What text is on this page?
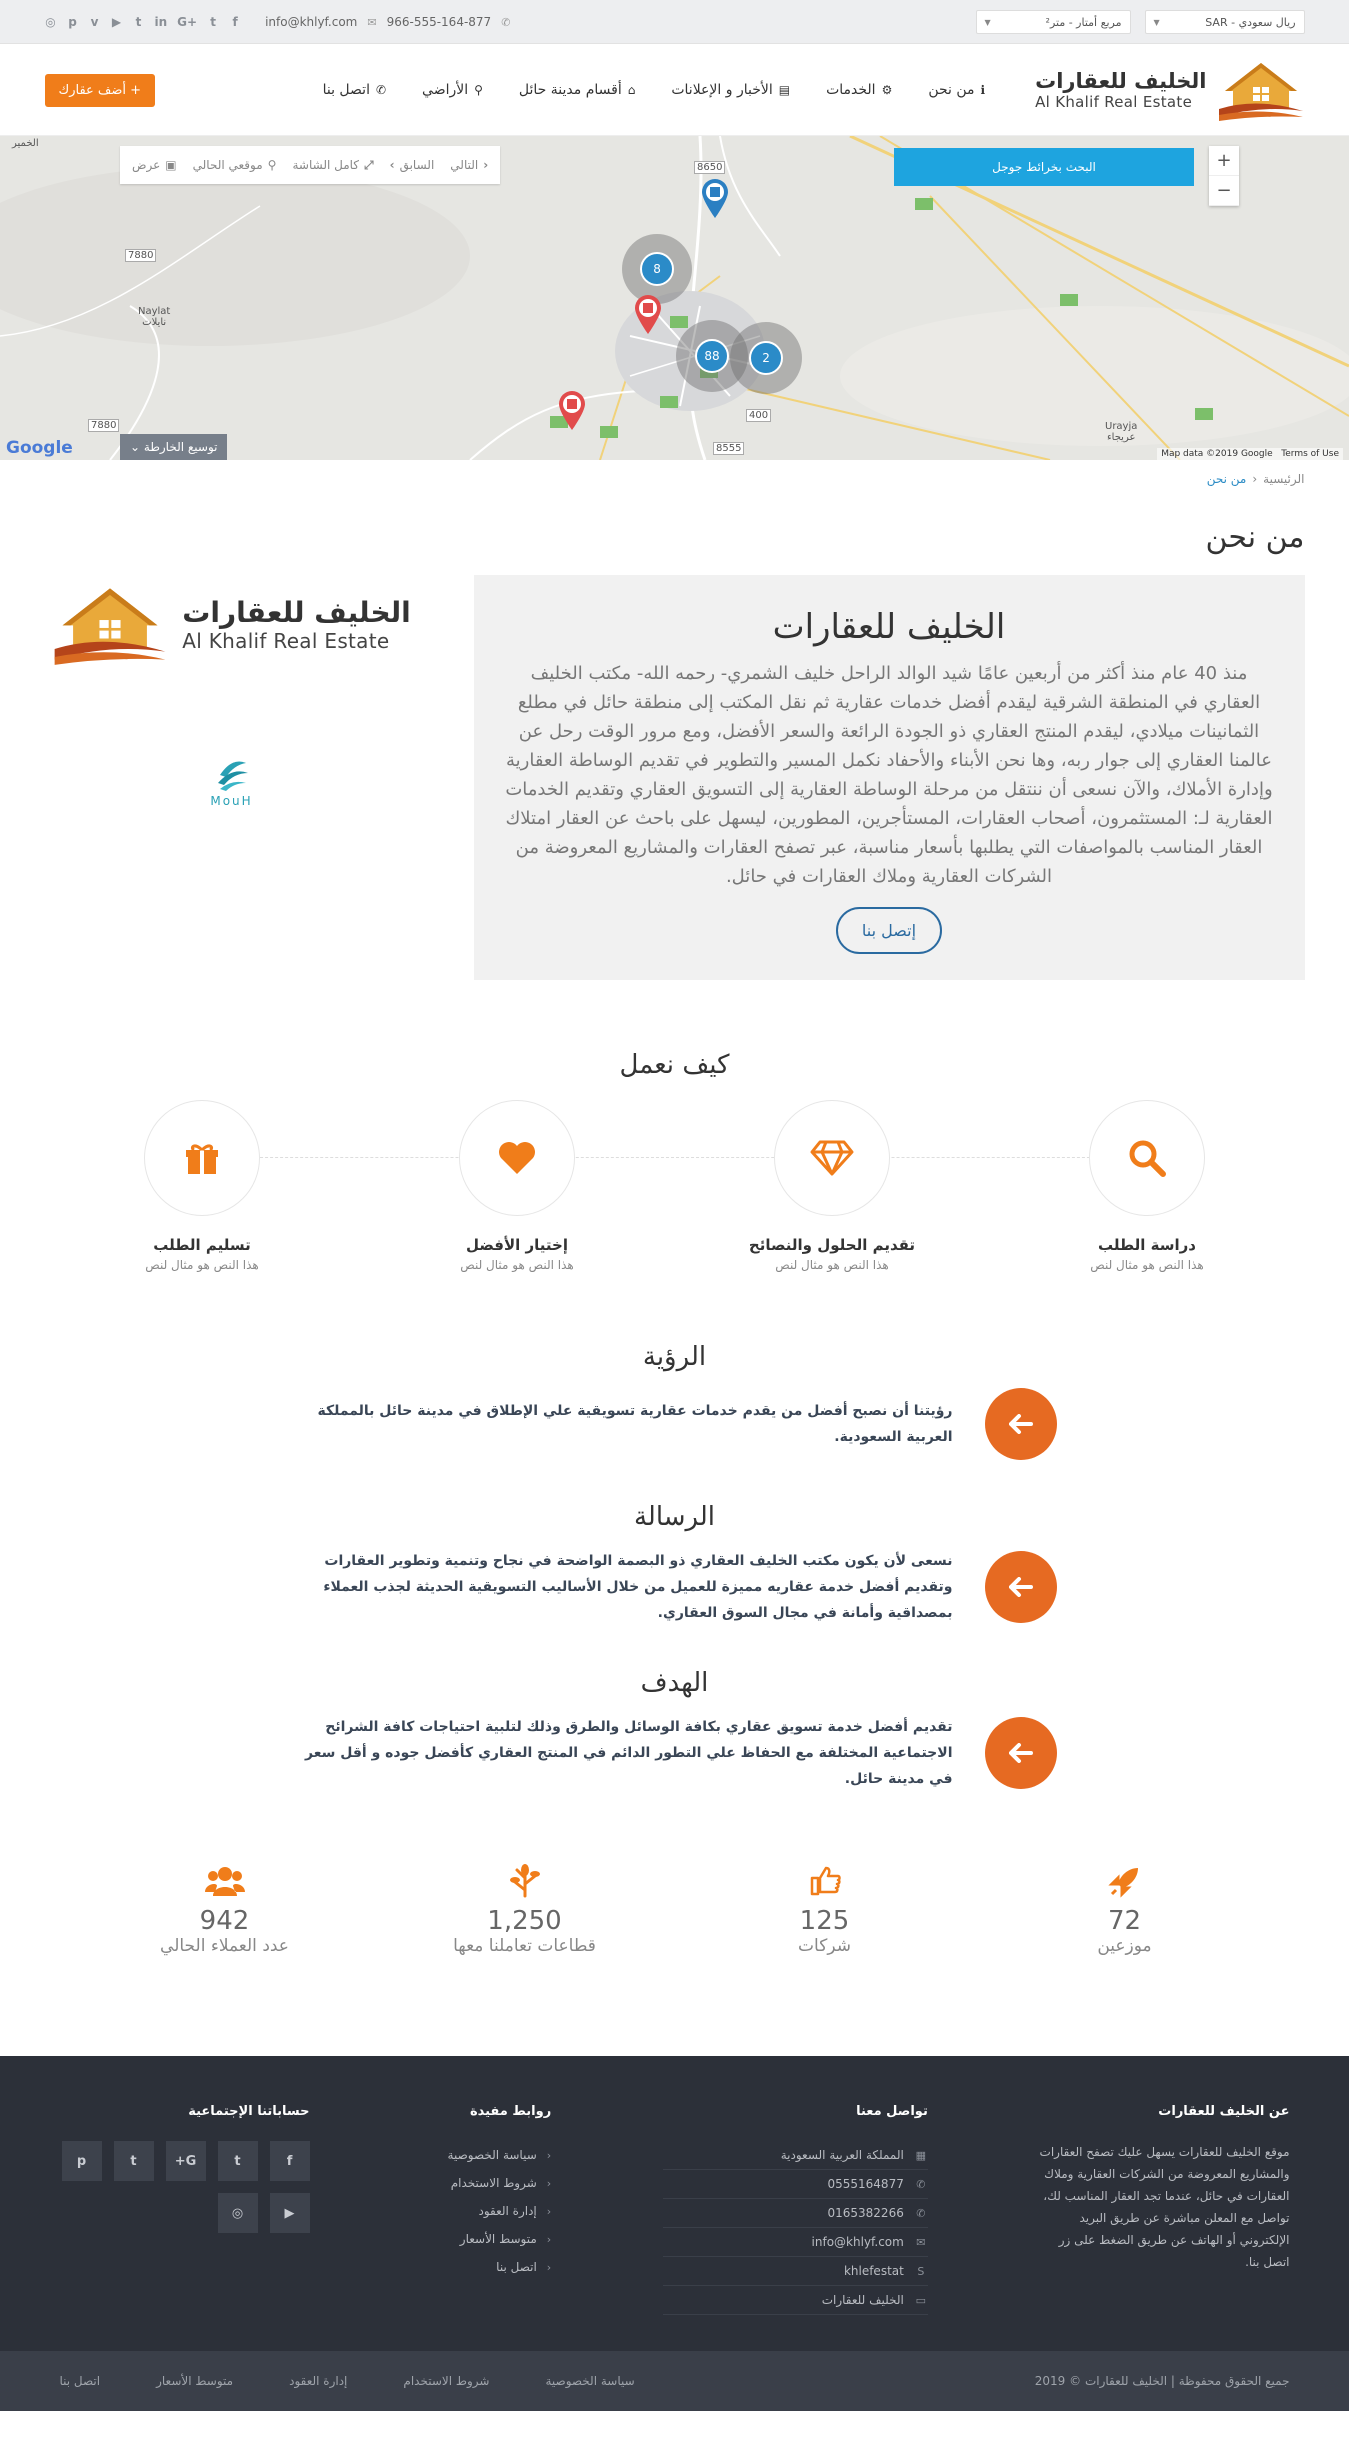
ريال سعودي - SAR
▼
مربع أمتار - متر²
▼
✉
info@khlyf.com	✆
966-555-164-877
◎ p v ▶ t in G+ t f
الخليف للعقارات
Al Khalif Real Estate
ℹ
من نحن
⚙
الخدمات
▤
الأخبار و الإعلانات
⌂
أقسام مدينة حائل
⚲
الأراضي
✆
اتصل بنا
+ أضف عقارك
الخمير
Naylat
نايلات
Urayja
عريجاء
8650
7880
7880
400
8555
8
88	2
+
−
البحث بخرائط جوجل
‹
التالي
السابق
›
⤢
كامل الشاشة
⚲
موقعي الحالي
▣
عرض
توسيع الخارطة ⌄
Google	Map data ©2019 Google Terms of Use
الرئيسية
‹
من نحن
من نحن
الخليف للعقارات

منذ 40 عام منذ أكثر من أربعين عامًا شيد الوالد الراحل خليف الشمري- رحمه الله- مكتب الخليف العقاري في المنطقة الشرقية ليقدم أفضل خدمات عقارية ثم نقل المكتب إلى منطقة حائل في مطلع الثمانينات ميلادي، ليقدم المنتج العقاري ذو الجودة الرائعة والسعر الأفضل، ومع مرور الوقت رحل عن عالمنا العقاري إلى جوار ربه، وها نحن الأبناء والأحفاد نكمل المسير والتطوير في تقديم الوساطة العقارية وإدارة الأملاك، والآن نسعى أن ننتقل من مرحلة الوساطة العقارية إلى التسويق العقاري وتقديم الخدمات العقارية لـ: المستثمرون، أصحاب العقارات، المستأجرين، المطورين، ليسهل على باحث عن العقار امتلاك العقار المناسب بالمواصفات التي يطلبها بأسعار مناسبة، عبر تصفح العقارات والمشاريع المعروضة من الشركات العقارية وملاك العقارات في حائل.

إتصل بنا
الخليف للعقارات
Al Khalif Real Estate
MouH
كيف نعمل
دراسة الطلب

هذا النص هو مثال لنص

تقديم الحلول والنصائح

هذا النص هو مثال لنص

إختيار الأفضل

هذا النص هو مثال لنص

تسليم الطلب

هذا النص هو مثال لنص

الرؤية
رؤيتنا أن نصبح أفضل من يقدم خدمات عقارية تسويقية علي الإطلاق في مدينة حائل بالمملكة العربية السعودية.
الرسالة
نسعى لأن يكون مكتب الخليف العقاري ذو البصمة الواضحة في نجاح وتنمية وتطوير العقارات وتقديم أفضل خدمة عقاريه مميزة للعميل من خلال الأساليب التسويقية الحديثة لجذب العملاء بمصداقية وأمانة في مجال السوق العقاري.
الهدف
تقديم أفضل خدمة تسويق عقاري بكافة الوسائل والطرق وذلك لتلبية احتياجات كافة الشرائح الاجتماعية المختلفة مع الحفاظ علي التطور الدائم في المنتج العقاري كأفضل جوده و أقل سعر في مدينة حائل.
72
موزعين
125
شركات
1,250
قطاعات تعاملنا معها
942
عدد العملاء الحالي
عن الخليف للعقارات

موقع الخليف للعقارات يسهل عليك تصفح العقارات والمشاريع المعروضة من الشركات العقارية وملاك العقارات في حائل، عندما تجد العقار المناسب لك، تواصل مع المعلن مباشرة عن طريق البريد الإلكتروني أو الهاتف عن طريق الضغط على زر اتصل بنا.

تواصل معنا
▦
المملكة العربية السعودية
✆
0555164877
✆
0165382266
✉
info@khlyf.com
S
khlefestat
▭
الخليف للعقارات
روابط مفيدة
‹
سياسة الخصوصية
‹
شروط الاستخدام
‹
إدارة العقود
‹
متوسط الأسعار
‹
اتصل بنا
حساباتنا الإجتماعية
f
t
G+
t
p
▶
◎
جميع الحقوق محفوظة | الخليف للعقارات © 2019
سياسة الخصوصية
شروط الاستخدام
إدارة العقود
متوسط الأسعار
اتصل بنا
